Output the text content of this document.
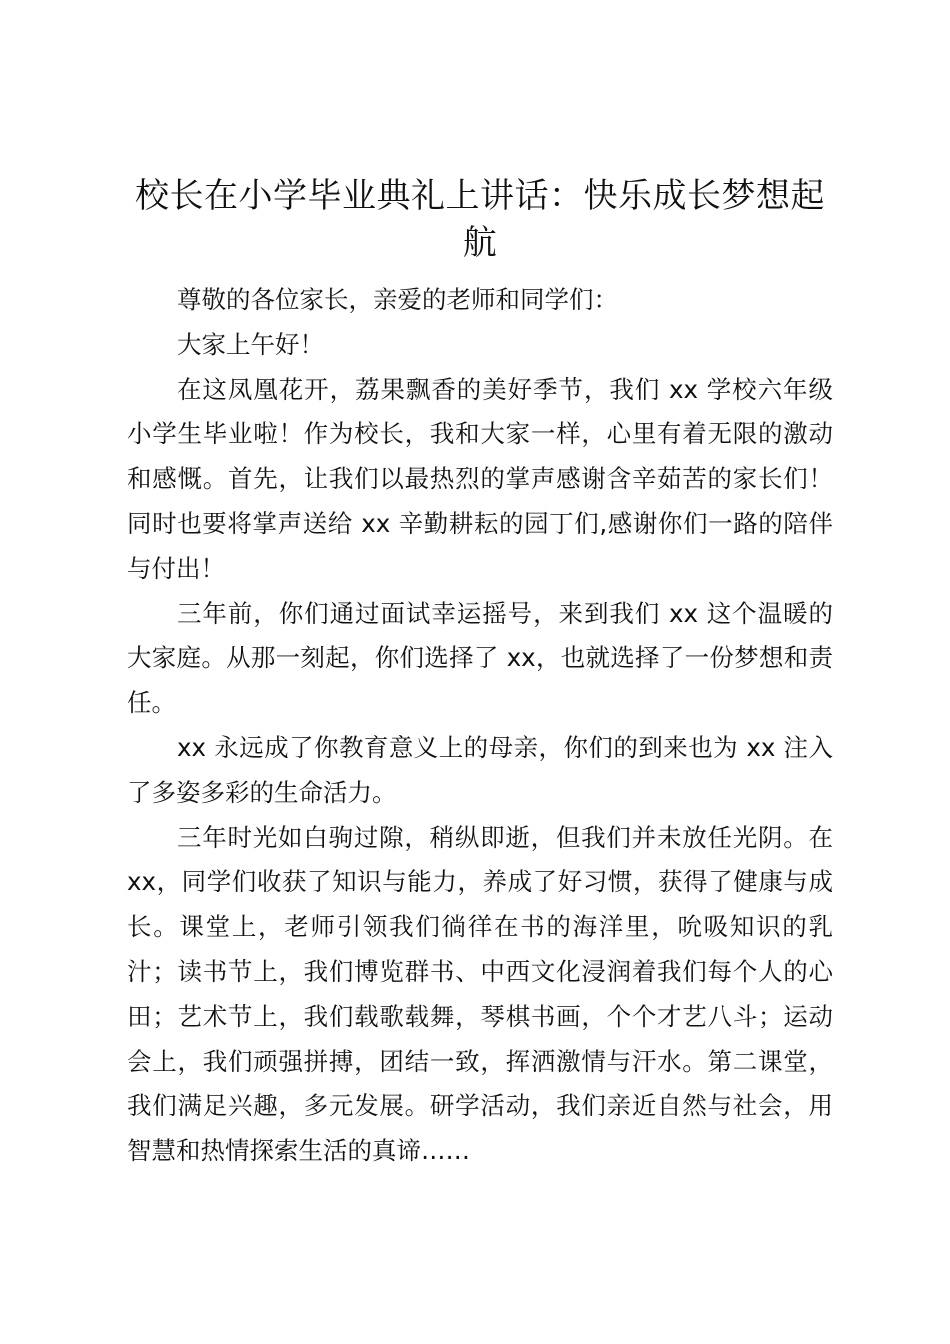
校长在小学毕业典礼上讲话：快乐成长梦想起航

尊敬的各位家长，亲爱的老师和同学们：

大家上午好！

在这凤凰花开，荔果飘香的美好季节，我们 xx 学校六年级小学生毕业啦！作为校长，我和大家一样，心里有着无限的激动和感慨。首先，让我们以最热烈的掌声感谢含辛茹苦的家长们！同时也要将掌声送给 xx 辛勤耕耘的园丁们,感谢你们一路的陪伴与付出！

三年前，你们通过面试幸运摇号，来到我们 xx 这个温暖的大家庭。从那一刻起，你们选择了 xx，也就选择了一份梦想和责任。

xx 永远成了你教育意义上的母亲，你们的到来也为 xx 注入了多姿多彩的生命活力。

三年时光如白驹过隙，稍纵即逝，但我们并未放任光阴。在 xx，同学们收获了知识与能力，养成了好习惯，获得了健康与成长。课堂上，老师引领我们徜徉在书的海洋里，吮吸知识的乳汁；读书节上，我们博览群书、中西文化浸润着我们每个人的心田；艺术节上，我们载歌载舞，琴棋书画，个个才艺八斗；运动会上，我们顽强拼搏，团结一致，挥洒激情与汗水。第二课堂，我们满足兴趣，多元发展。研学活动，我们亲近自然与社会，用智慧和热情探索生活的真谛……
